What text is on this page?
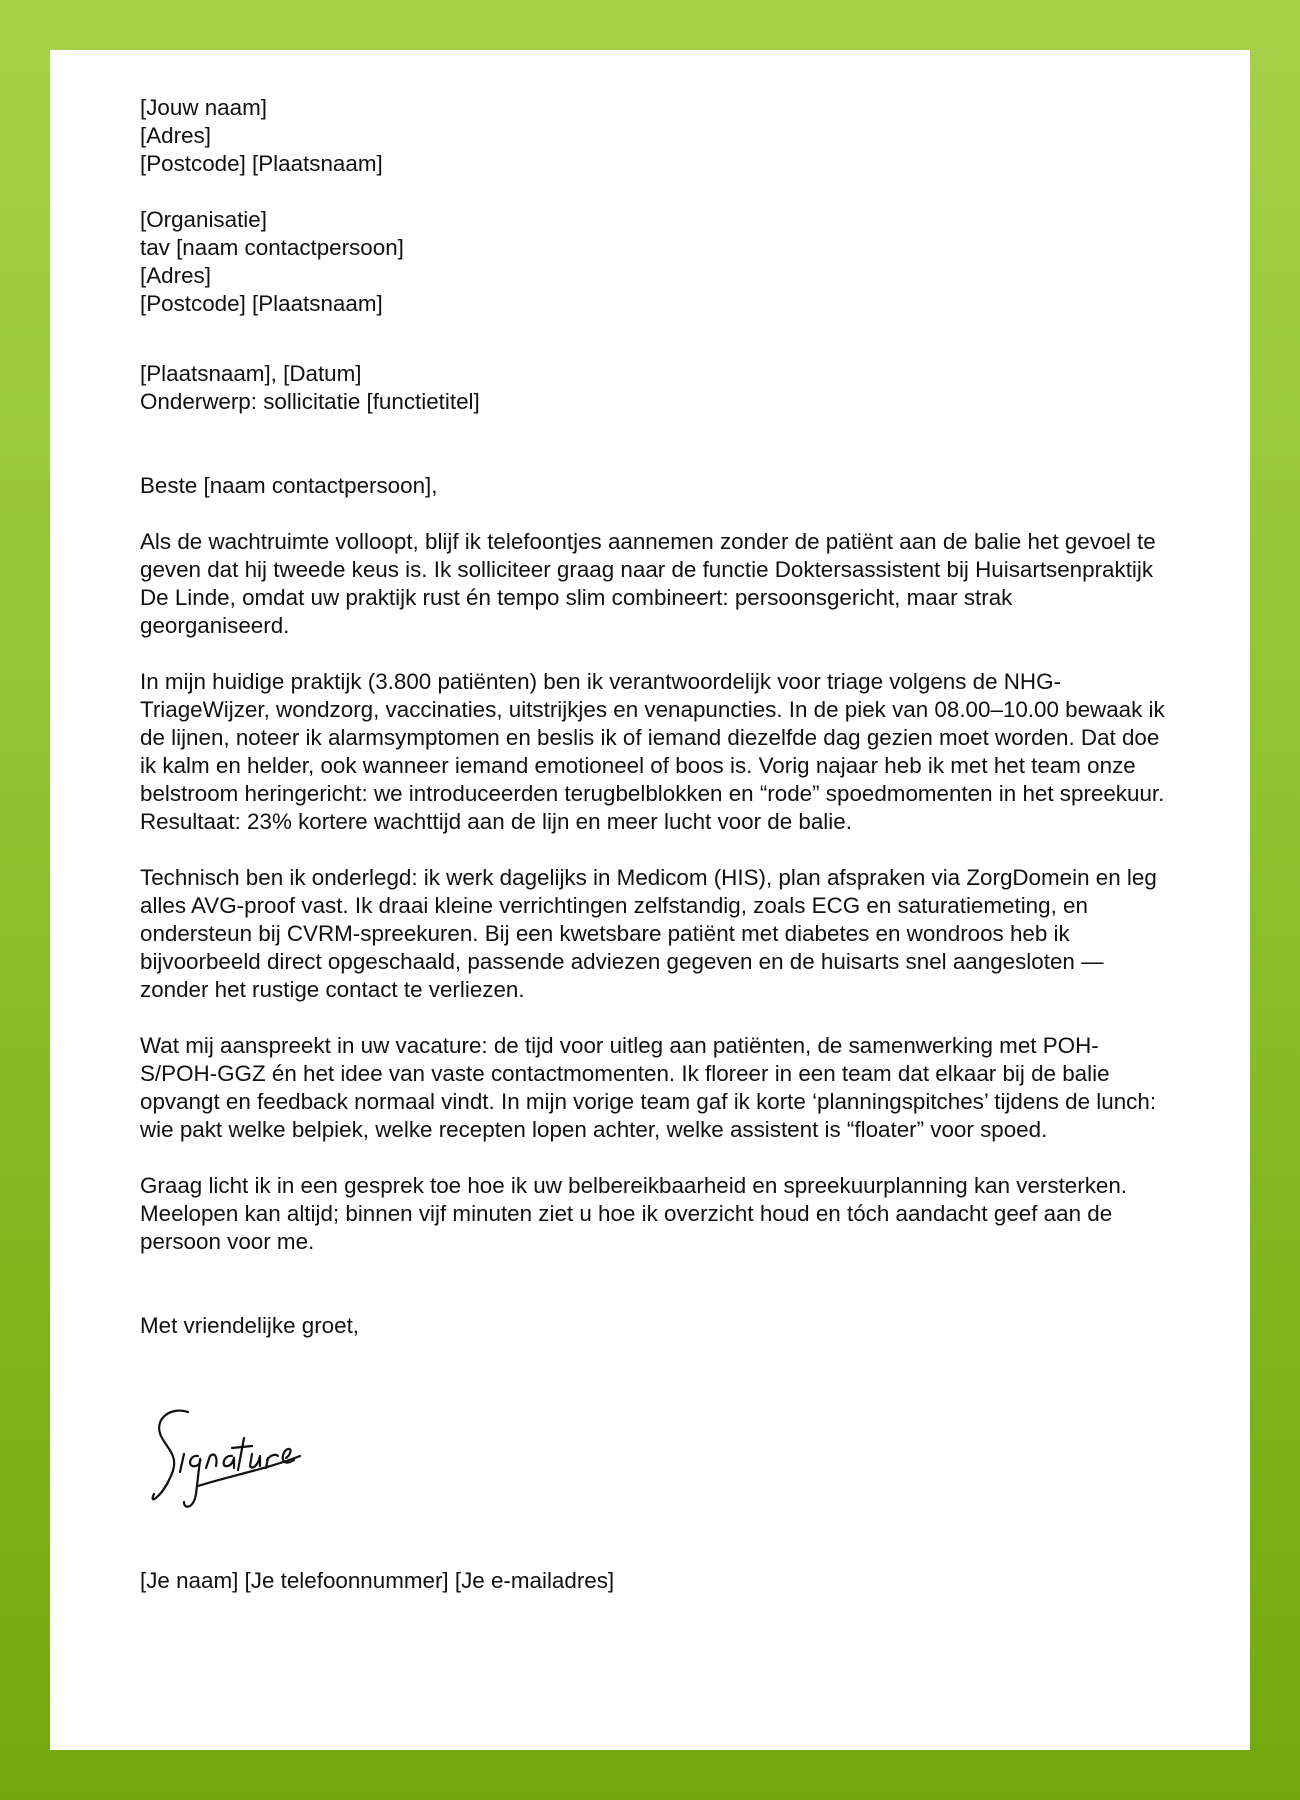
[Jouw naam]
[Adres]
[Postcode] [Plaatsnaam]
[Organisatie]
tav [naam contactpersoon]
[Adres]
[Postcode] [Plaatsnaam]
[Plaatsnaam], [Datum]
Onderwerp: sollicitatie [functietitel]

Beste [naam contactpersoon],

Als de wachtruimte volloopt, blijf ik telefoontjes aannemen zonder de patiënt aan de balie het gevoel te geven dat hij tweede keus is. Ik solliciteer graag naar de functie Doktersassistent bij Huisartsenpraktijk De Linde, omdat uw praktijk rust én tempo slim combineert: persoonsgericht, maar strak georganiseerd.

In mijn huidige praktijk (3.800 patiënten) ben ik verantwoordelijk voor triage volgens de NHG-TriageWijzer, wondzorg, vaccinaties, uitstrijkjes en venapuncties. In de piek van 08.00–10.00 bewaak ik de lijnen, noteer ik alarmsymptomen en beslis ik of iemand diezelfde dag gezien moet worden. Dat doe ik kalm en helder, ook wanneer iemand emotioneel of boos is. Vorig najaar heb ik met het team onze belstroom heringericht: we introduceerden terugbelblokken en “rode” spoedmomenten in het spreekuur. Resultaat: 23% kortere wachttijd aan de lijn en meer lucht voor de balie.

Technisch ben ik onderlegd: ik werk dagelijks in Medicom (HIS), plan afspraken via ZorgDomein en leg alles AVG-proof vast. Ik draai kleine verrichtingen zelfstandig, zoals ECG en saturatiemeting, en ondersteun bij CVRM-spreekuren. Bij een kwetsbare patiënt met diabetes en wondroos heb ik bijvoorbeeld direct opgeschaald, passende adviezen gegeven en de huisarts snel aangesloten — zonder het rustige contact te verliezen.

Wat mij aanspreekt in uw vacature: de tijd voor uitleg aan patiënten, de samenwerking met POH-S/POH-GGZ én het idee van vaste contactmomenten. Ik floreer in een team dat elkaar bij de balie opvangt en feedback normaal vindt. In mijn vorige team gaf ik korte ‘planningspitches’ tijdens de lunch: wie pakt welke belpiek, welke recepten lopen achter, welke assistent is “floater” voor spoed.

Graag licht ik in een gesprek toe hoe ik uw belbereikbaarheid en spreekuurplanning kan versterken. Meelopen kan altijd; binnen vijf minuten ziet u hoe ik overzicht houd en tóch aandacht geef aan de persoon voor me.

Met vriendelijke groet,

[Je naam] [Je telefoonnummer] [Je e-mailadres]
